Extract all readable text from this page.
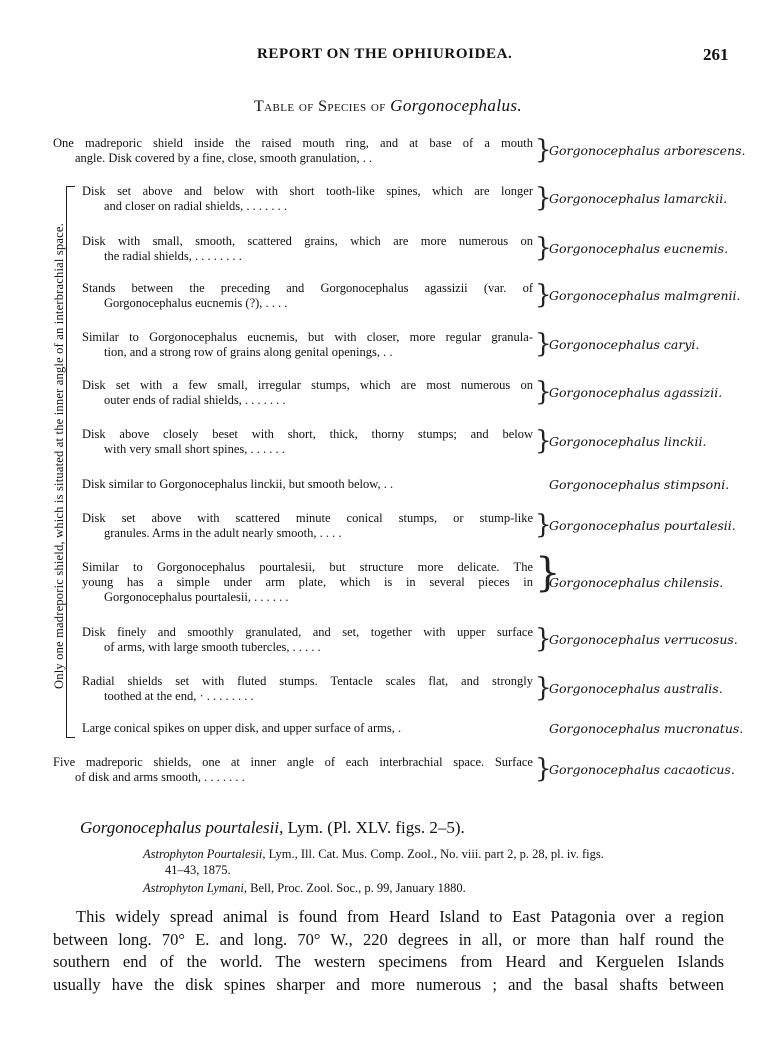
REPORT ON THE OPHIUROIDEA.	261
Table of Species of Gorgonocephalus.
Only one madreporic shield, which is situated at the inner angle of an interbrachial space.
One madreporic shield inside the raised mouth ring, and at base of a mouth
angle. Disk covered by a fine, close, smooth granulation, . .	}
Gorgonocephalus arborescens.
Disk set above and below with short tooth-like spines, which are longer
and closer on radial shields, . . . . . . .	}
Gorgonocephalus lamarckii.
Disk with small, smooth, scattered grains, which are more numerous on
the radial shields, . . . . . . . .	}
Gorgonocephalus eucnemis.
Stands between the preceding and Gorgonocephalus agassizii (var. of
Gorgonocephalus eucnemis (?), . . . .	}
Gorgonocephalus malmgrenii.
Similar to Gorgonocephalus eucnemis, but with closer, more regular granula-
tion, and a strong row of grains along genital openings, . .	}
Gorgonocephalus caryi.
Disk set with a few small, irregular stumps, which are most numerous on
outer ends of radial shields, . . . . . . .	}
Gorgonocephalus agassizii.
Disk above closely beset with short, thick, thorny stumps; and below
with very small short spines, . . . . . .	}
Gorgonocephalus linckii.
Disk similar to Gorgonocephalus linckii, but smooth below, . .	Gorgonocephalus stimpsoni.
Disk set above with scattered minute conical stumps, or stump-like
granules. Arms in the adult nearly smooth, . . . .	}
Gorgonocephalus pourtalesii.
Similar to Gorgonocephalus pourtalesii, but structure more delicate. The
young has a simple under arm plate, which is in several pieces in
Gorgonocephalus pourtalesii, . . . . . .
}
Gorgonocephalus chilensis.
Disk finely and smoothly granulated, and set, together with upper surface
of arms, with large smooth tubercles, . . . . .	}
Gorgonocephalus verrucosus.
Radial shields set with fluted stumps. Tentacle scales flat, and strongly
toothed at the end, · . . . . . . . .	}
Gorgonocephalus australis.
Large conical spikes on upper disk, and upper surface of arms, .	Gorgonocephalus mucronatus.
Five madreporic shields, one at inner angle of each interbrachial space. Surface
of disk and arms smooth, . . . . . . .	}
Gorgonocephalus cacaoticus.
Gorgonocephalus pourtalesii, Lym. (Pl. XLV. figs. 2–5).
Astrophyton Pourtalesii, Lym., Ill. Cat. Mus. Comp. Zool., No. viii. part 2, p. 28, pl. iv. figs.
41–43, 1875.
Astrophyton Lymani, Bell, Proc. Zool. Soc., p. 99, January 1880.
This widely spread animal is found from Heard Island to East Patagonia over a region
between long. 70° E. and long. 70° W., 220 degrees in all, or more than half round the
southern end of the world. The western specimens from Heard and Kerguelen Islands
usually have the disk spines sharper and more numerous ; and the basal shafts between
